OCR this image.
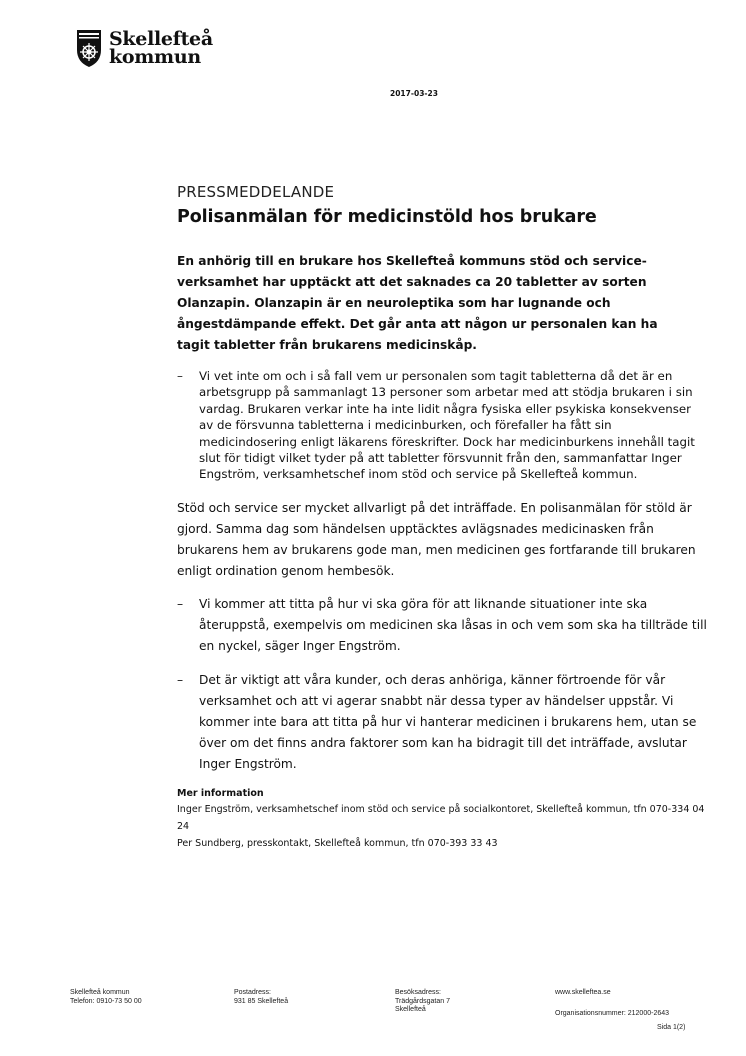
Skellefteå
kommun
2017-03-23
PRESSMEDDELANDE
Polisanmälan för medicinstöld hos brukare

En anhörig till en brukare hos Skellefteå kommuns stöd och service-verksamhet har upptäckt att det saknades ca 20 tabletter av sorten Olanzapin. Olanzapin är en neuroleptika som har lugnande och ångestdämpande effekt. Det går anta att någon ur personalen kan ha tagit tabletter från brukarens medicinskåp.

– Vi vet inte om och i så fall vem ur personalen som tagit tabletterna då det är en arbetsgrupp på sammanlagt 13 personer som arbetar med att stödja brukaren i sin vardag. Brukaren verkar inte ha inte lidit några fysiska eller psykiska konsekvenser av de försvunna tabletterna i medicinburken, och förefaller ha fått sin medicindosering enligt läkarens föreskrifter. Dock har medicinburkens innehåll tagit slut för tidigt vilket tyder på att tabletter försvunnit från den, sammanfattar Inger Engström, verksamhetschef inom stöd och service på Skellefteå kommun.

Stöd och service ser mycket allvarligt på det inträffade. En polisanmälan för stöld är gjord. Samma dag som händelsen upptäcktes avlägsnades medicinasken från brukarens hem av brukarens gode man, men medicinen ges fortfarande till brukaren enligt ordination genom hembesök.

– Vi kommer att titta på hur vi ska göra för att liknande situationer inte ska återuppstå, exempelvis om medicinen ska låsas in och vem som ska ha tillträde till en nyckel, säger Inger Engström.
– Det är viktigt att våra kunder, och deras anhöriga, känner förtroende för vår verksamhet och att vi agerar snabbt när dessa typer av händelser uppstår. Vi kommer inte bara att titta på hur vi hanterar medicinen i brukarens hem, utan se över om det finns andra faktorer som kan ha bidragit till det inträffade, avslutar Inger Engström.
Mer information
Inger Engström, verksamhetschef inom stöd och service på socialkontoret, Skellefteå kommun, tfn 070-334 04 24
Per Sundberg, presskontakt, Skellefteå kommun, tfn 070-393 33 43
Skellefteå kommun
Telefon: 0910-73 50 00
Postadress:
931 85 Skellefteå
Besöksadress:
Trädgårdsgatan 7
Skellefteå
www.skelleftea.se
Organisationsnummer: 212000-2643
Sida 1(2)
